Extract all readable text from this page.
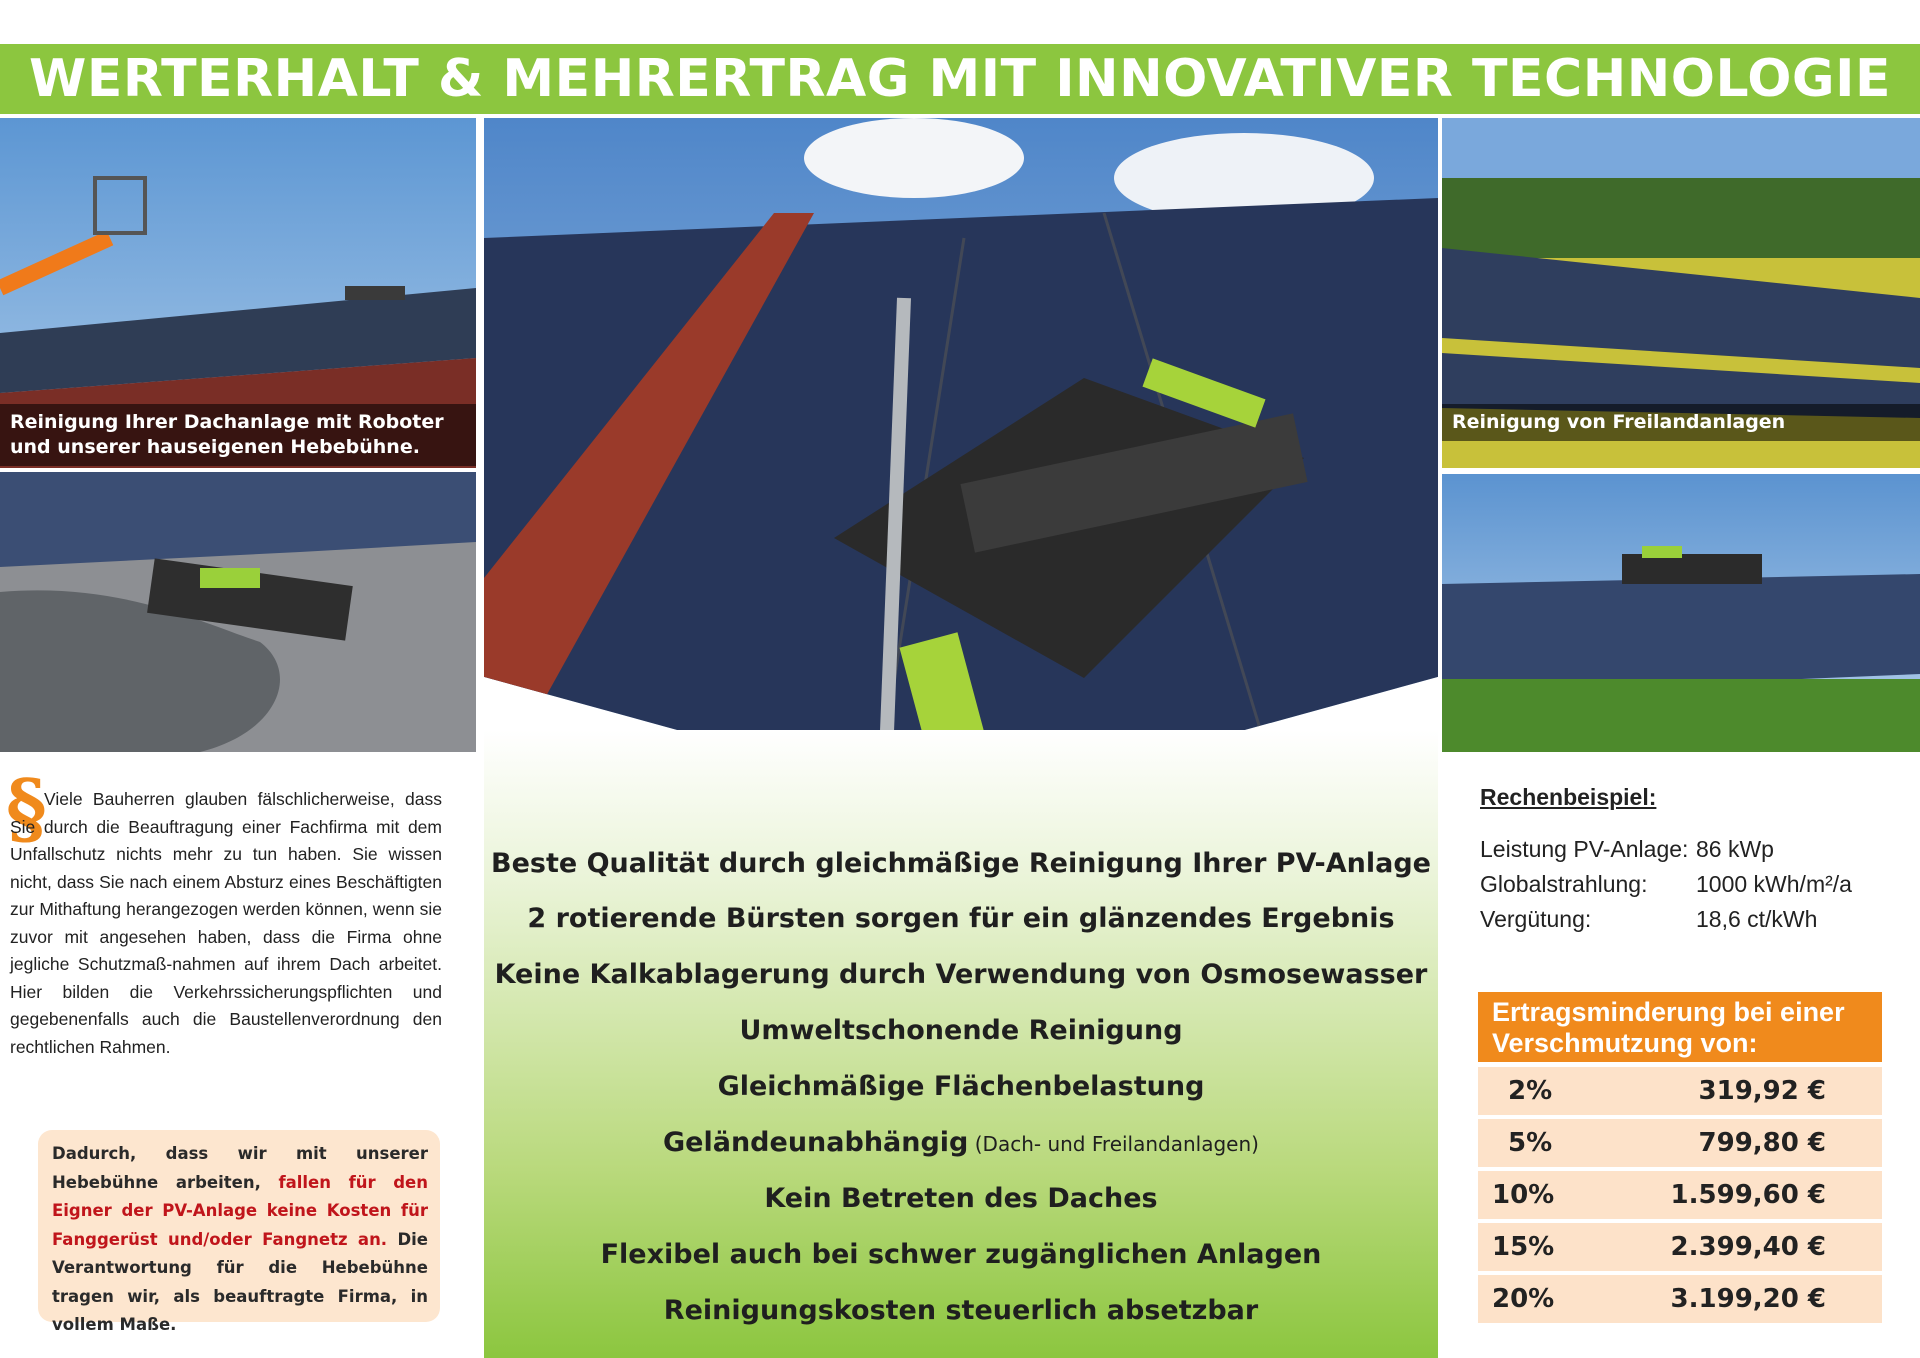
WERTERHALT & MEHRERTRAG MIT INNOVATIVER TECHNOLOGIE
Reinigung Ihrer Dachanlage mit Roboter und unserer hauseigenen Hebebühne.
Reinigung von Freilandanlagen
Beste Qualität durch gleichmäßige Reinigung Ihrer PV-Anlage
2 rotierende Bürsten sorgen für ein glänzendes Ergebnis
Keine Kalkablagerung durch Verwendung von Osmosewasser
Umweltschonende Reinigung
Gleichmäßige Flächenbelastung
Geländeunabhängig (Dach- und Freilandanlagen)
Kein Betreten des Daches
Flexibel auch bei schwer zugänglichen Anlagen
Reinigungskosten steuerlich absetzbar
§
Viele Bauherren glauben fälschlicherweise, dass Sie durch die Beauftragung einer Fachfirma mit dem Unfallschutz nichts mehr zu tun haben. Sie wissen nicht, dass Sie nach einem Absturz eines Beschäftigten zur Mithaftung herangezogen werden können, wenn sie zuvor mit angesehen haben, dass die Firma ohne jegliche Schutzmaß-nahmen auf ihrem Dach arbeitet. Hier bilden die Verkehrssicherungspflichten und gegebenenfalls auch die Baustellenverordnung den rechtlichen Rahmen.
Dadurch, dass wir mit unserer Hebebühne arbeiten, fallen für den Eigner der PV-Anlage keine Kosten für Fanggerüst und/oder Fangnetz an. Die Verantwortung für die Hebebühne tragen wir, als beauftragte Firma, in vollem Maße.
Rechenbeispiel:
Leistung PV-Anlage: 86 kWp
Globalstrahlung: 1000 kWh/m²/a
Vergütung:	18,6 ct/kWh
Ertragsminderung bei einer Verschmutzung von:
2%	319,92 €
5%	799,80 €
10%	1.599,60 €
15%	2.399,40 €
20%	3.199,20 €
